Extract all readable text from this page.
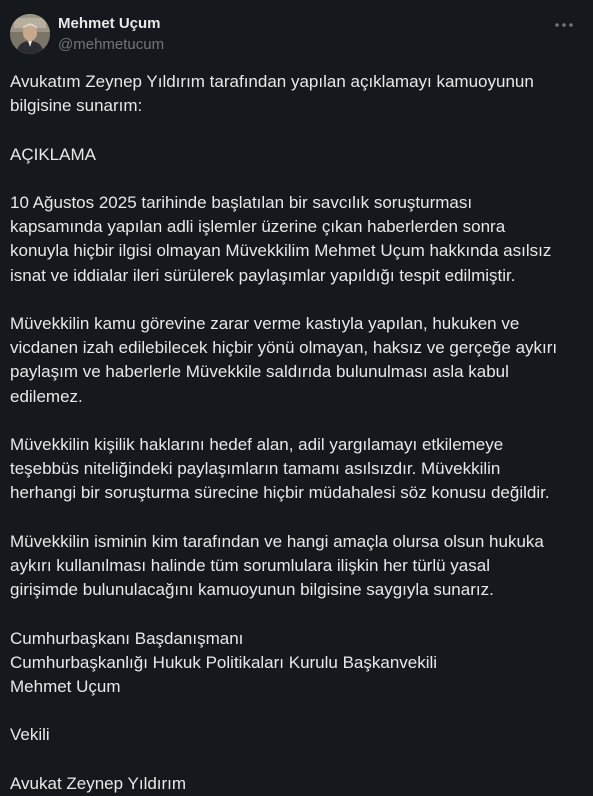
Mehmet Uçum
@mehmetucum

Avukatım Zeynep Yıldırım tarafından yapılan açıklamayı kamuoyunun
bilgisine sunarım:

AÇIKLAMA

10 Ağustos 2025 tarihinde başlatılan bir savcılık soruşturması
kapsamında yapılan adli işlemler üzerine çıkan haberlerden sonra
konuyla hiçbir ilgisi olmayan Müvekkilim Mehmet Uçum hakkında asılsız
isnat ve iddialar ileri sürülerek paylaşımlar yapıldığı tespit edilmiştir.

Müvekkilin kamu görevine zarar verme kastıyla yapılan, hukuken ve
vicdanen izah edilebilecek hiçbir yönü olmayan, haksız ve gerçeğe aykırı
paylaşım ve haberlerle Müvekkile saldırıda bulunulması asla kabul
edilemez.

Müvekkilin kişilik haklarını hedef alan, adil yargılamayı etkilemeye
teşebbüs niteliğindeki paylaşımların tamamı asılsızdır. Müvekkilin
herhangi bir soruşturma sürecine hiçbir müdahalesi söz konusu değildir.

Müvekkilin isminin kim tarafından ve hangi amaçla olursa olsun hukuka
aykırı kullanılması halinde tüm sorumlulara ilişkin her türlü yasal
girişimde bulunulacağını kamuoyunun bilgisine saygıyla sunarız.

Cumhurbaşkanı Başdanışmanı
Cumhurbaşkanlığı Hukuk Politikaları Kurulu Başkanvekili
Mehmet Uçum

Vekili

Avukat Zeynep Yıldırım
